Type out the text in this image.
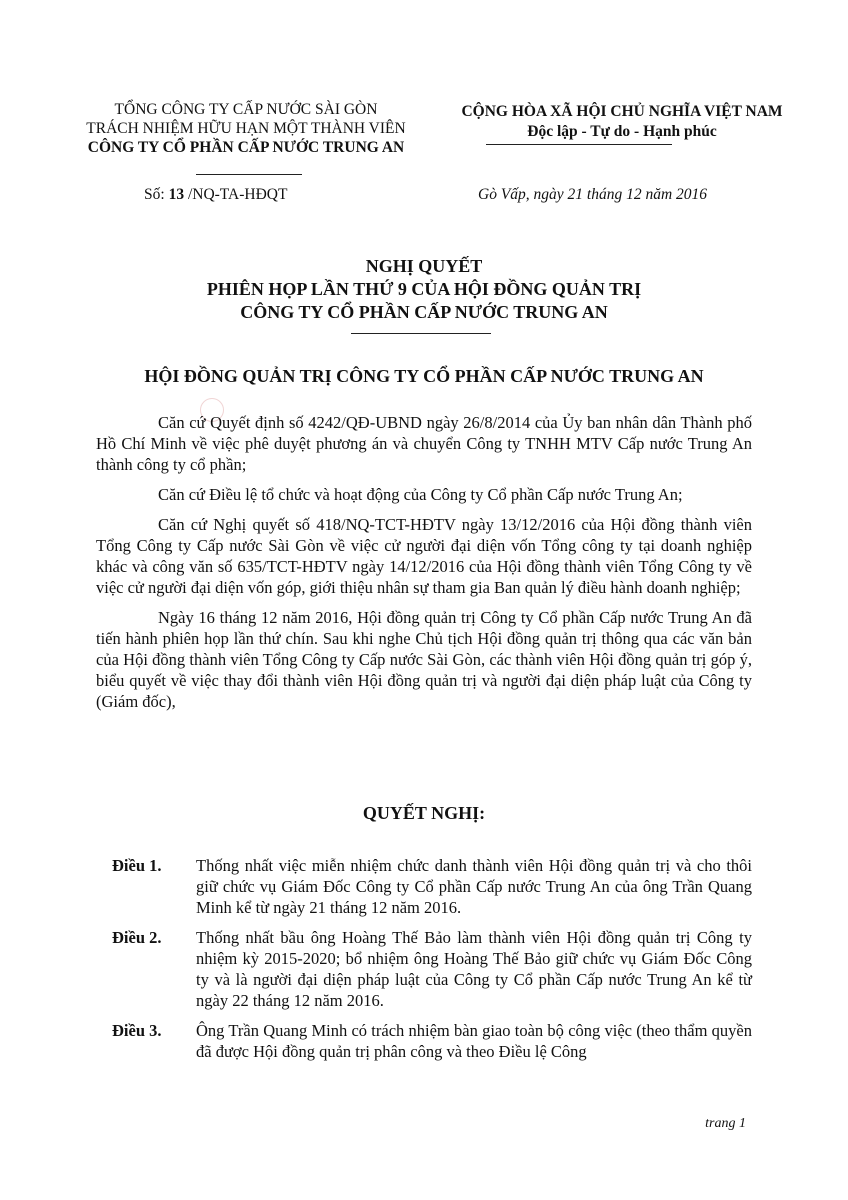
TỔNG CÔNG TY CẤP NƯỚC SÀI GÒN
TRÁCH NHIỆM HỮU HẠN MỘT THÀNH VIÊN
CÔNG TY CỔ PHẦN CẤP NƯỚC TRUNG AN
CỘNG HÒA XÃ HỘI CHỦ NGHĨA VIỆT NAM
Độc lập - Tự do - Hạnh phúc
Số: 13 /NQ-TA-HĐQT	Gò Vấp, ngày 21 tháng 12 năm 2016
NGHỊ QUYẾT
PHIÊN HỌP LẦN THỨ 9 CỦA HỘI ĐỒNG QUẢN TRỊ
CÔNG TY CỔ PHẦN CẤP NƯỚC TRUNG AN
HỘI ĐỒNG QUẢN TRỊ CÔNG TY CỔ PHẦN CẤP NƯỚC TRUNG AN

Căn cứ Quyết định số 4242/QĐ-UBND ngày 26/8/2014 của Ủy ban nhân dân Thành phố Hồ Chí Minh về việc phê duyệt phương án và chuyển Công ty TNHH MTV Cấp nước Trung An thành công ty cổ phần;

Căn cứ Điều lệ tổ chức và hoạt động của Công ty Cổ phần Cấp nước Trung An;

Căn cứ Nghị quyết số 418/NQ-TCT-HĐTV ngày 13/12/2016 của Hội đồng thành viên Tổng Công ty Cấp nước Sài Gòn về việc cử người đại diện vốn Tổng công ty tại doanh nghiệp khác và công văn số 635/TCT-HĐTV ngày 14/12/2016 của Hội đồng thành viên Tổng Công ty về việc cử người đại diện vốn góp, giới thiệu nhân sự tham gia Ban quản lý điều hành doanh nghiệp;

Ngày 16 tháng 12 năm 2016, Hội đồng quản trị Công ty Cổ phần Cấp nước Trung An đã tiến hành phiên họp lần thứ chín. Sau khi nghe Chủ tịch Hội đồng quản trị thông qua các văn bản của Hội đồng thành viên Tổng Công ty Cấp nước Sài Gòn, các thành viên Hội đồng quản trị góp ý, biểu quyết về việc thay đổi thành viên Hội đồng quản trị và người đại diện pháp luật của Công ty (Giám đốc),

QUYẾT NGHỊ:
Điều 1.	Thống nhất việc miễn nhiệm chức danh thành viên Hội đồng quản trị và cho thôi giữ chức vụ Giám Đốc Công ty Cổ phần Cấp nước Trung An của ông Trần Quang Minh kể từ ngày 21 tháng 12 năm 2016.
Điều 2.	Thống nhất bầu ông Hoàng Thế Bảo làm thành viên Hội đồng quản trị Công ty nhiệm kỳ 2015-2020; bổ nhiệm ông Hoàng Thế Bảo giữ chức vụ Giám Đốc Công ty và là người đại diện pháp luật của Công ty Cổ phần Cấp nước Trung An kể từ ngày 22 tháng 12 năm 2016.
Điều 3.	Ông Trần Quang Minh có trách nhiệm bàn giao toàn bộ công việc (theo thẩm quyền đã được Hội đồng quản trị phân công và theo Điều lệ Công
trang 1
